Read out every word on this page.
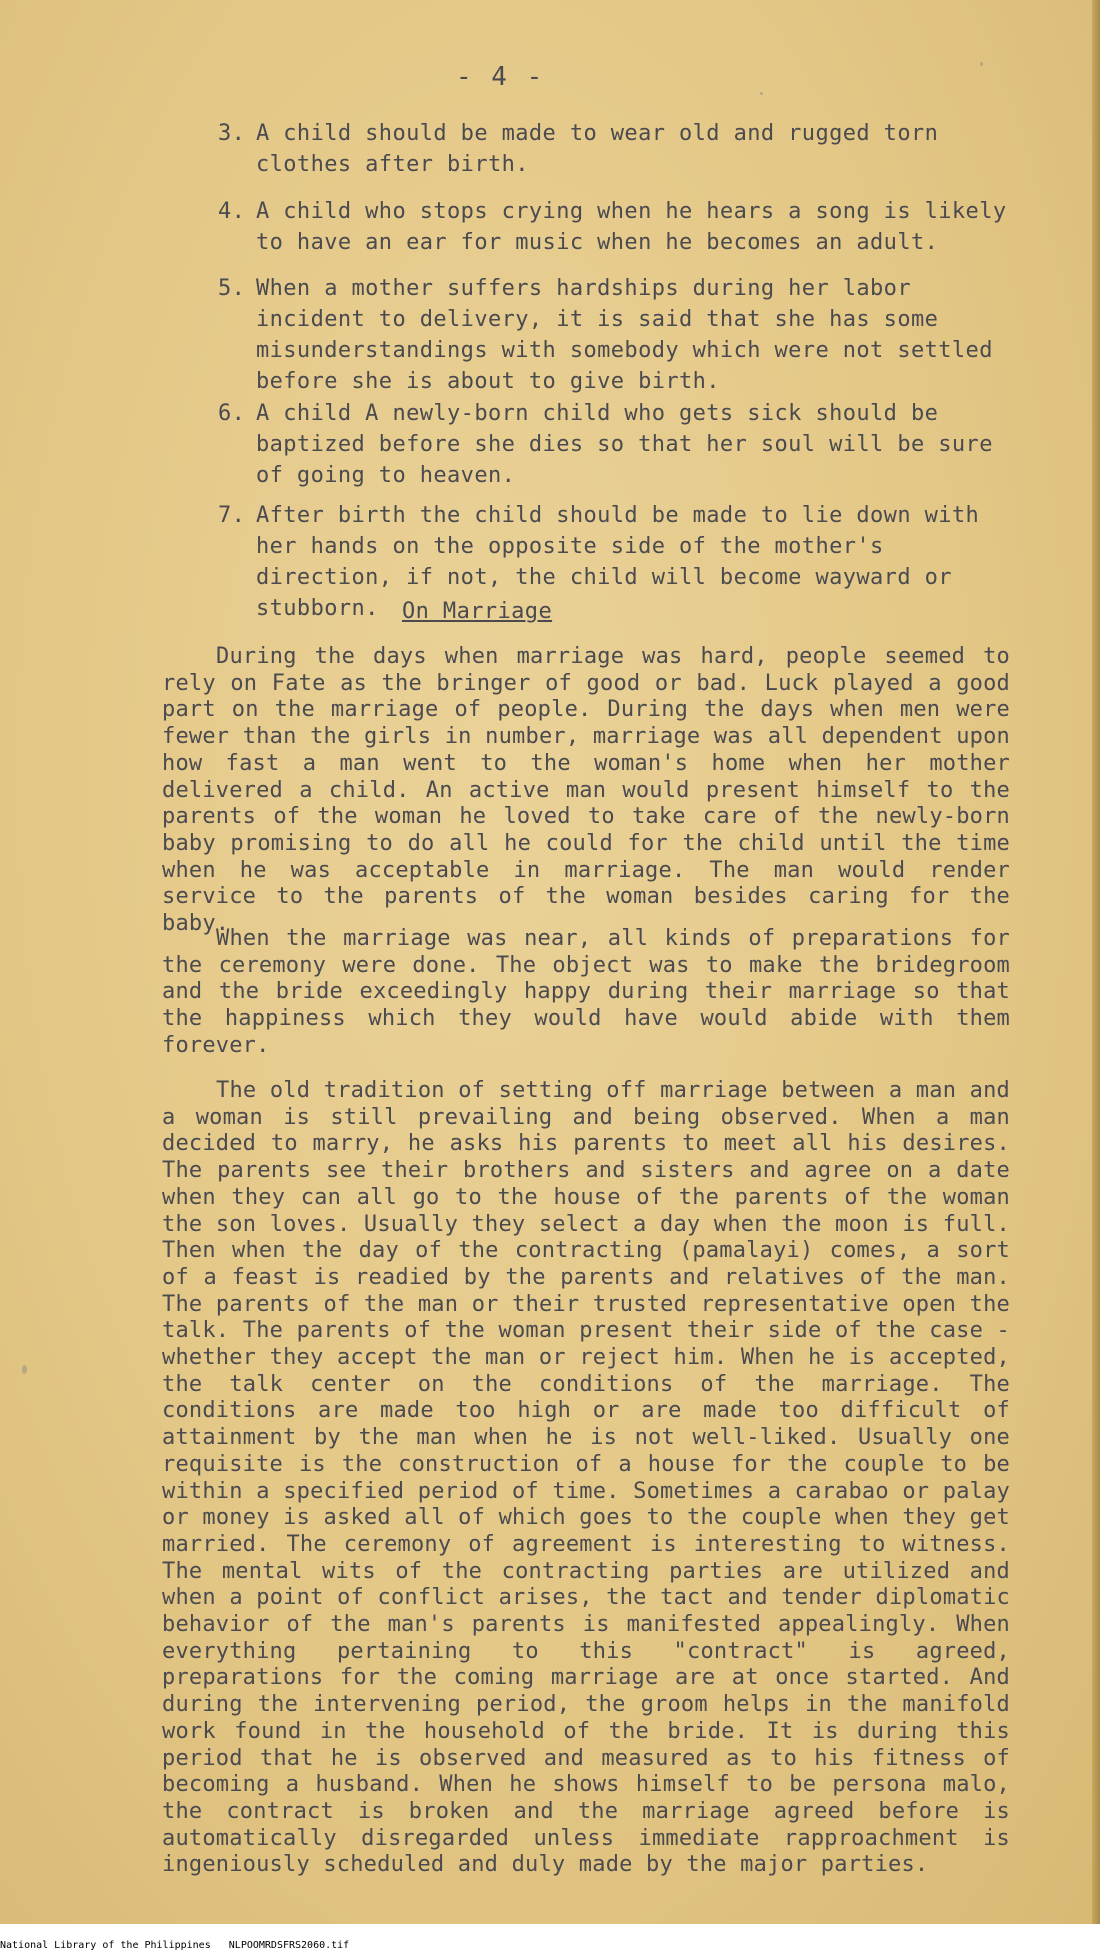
- 4 -
3. A child should be made to wear old and rugged torn clothes after birth.
4. A child who stops crying when he hears a song is likely to have an ear for music when he becomes an adult.
5. When a mother suffers hardships during her labor incident to delivery, it is said that she has some misunderstandings with somebody which were not settled before she is about to give birth.
6. A child A newly-born child who gets sick should be baptized before she dies so that her soul will be sure of going to heaven.
7. After birth the child should be made to lie down with her hands on the opposite side of the mother's direction, if not, the child will become wayward or stubborn.	On Marriage

During the days when marriage was hard, people seemed to rely on Fate as the bringer of good or bad. Luck played a good part on the marriage of people. During the days when men were fewer than the girls in number, marriage was all dependent upon how fast a man went to the woman's home when her mother delivered a child. An active man would present himself to the parents of the woman he loved to take care of the newly-born baby promising to do all he could for the child until the time when he was acceptable in marriage. The man would render service to the parents of the woman besides caring for the baby.

When the marriage was near, all kinds of preparations for the ceremony were done. The object was to make the bridegroom and the bride exceedingly happy during their marriage so that the happiness which they would have would abide with them forever.

The old tradition of setting off marriage between a man and a woman is still prevailing and being observed. When a man decided to marry, he asks his parents to meet all his desires. The parents see their brothers and sisters and agree on a date when they can all go to the house of the parents of the woman the son loves. Usually they select a day when the moon is full. Then when the day of the contracting (pamalayi) comes, a sort of a feast is readied by the parents and relatives of the man. The parents of the man or their trusted representative open the talk. The parents of the woman present their side of the case - whether they accept the man or reject him. When he is accepted, the talk center on the conditions of the marriage. The conditions are made too high or are made too difficult of attainment by the man when he is not well-liked. Usually one requisite is the construction of a house for the couple to be within a specified period of time. Sometimes a carabao or palay or money is asked all of which goes to the couple when they get married. The ceremony of agreement is interesting to witness. The mental wits of the contracting parties are utilized and when a point of conflict arises, the tact and tender diplomatic behavior of the man's parents is manifested appealingly. When everything pertaining to this "contract" is agreed, preparations for the coming marriage are at once started. And during the intervening period, the groom helps in the manifold work found in the household of the bride. It is during this period that he is observed and measured as to his fitness of becoming a husband. When he shows himself to be persona malo, the contract is broken and the marriage agreed before is automatically disregarded unless immediate rapproachment is ingeniously scheduled and duly made by the major parties.

National Library of the Philippines NLPOOMRDSFRS2060.tif
